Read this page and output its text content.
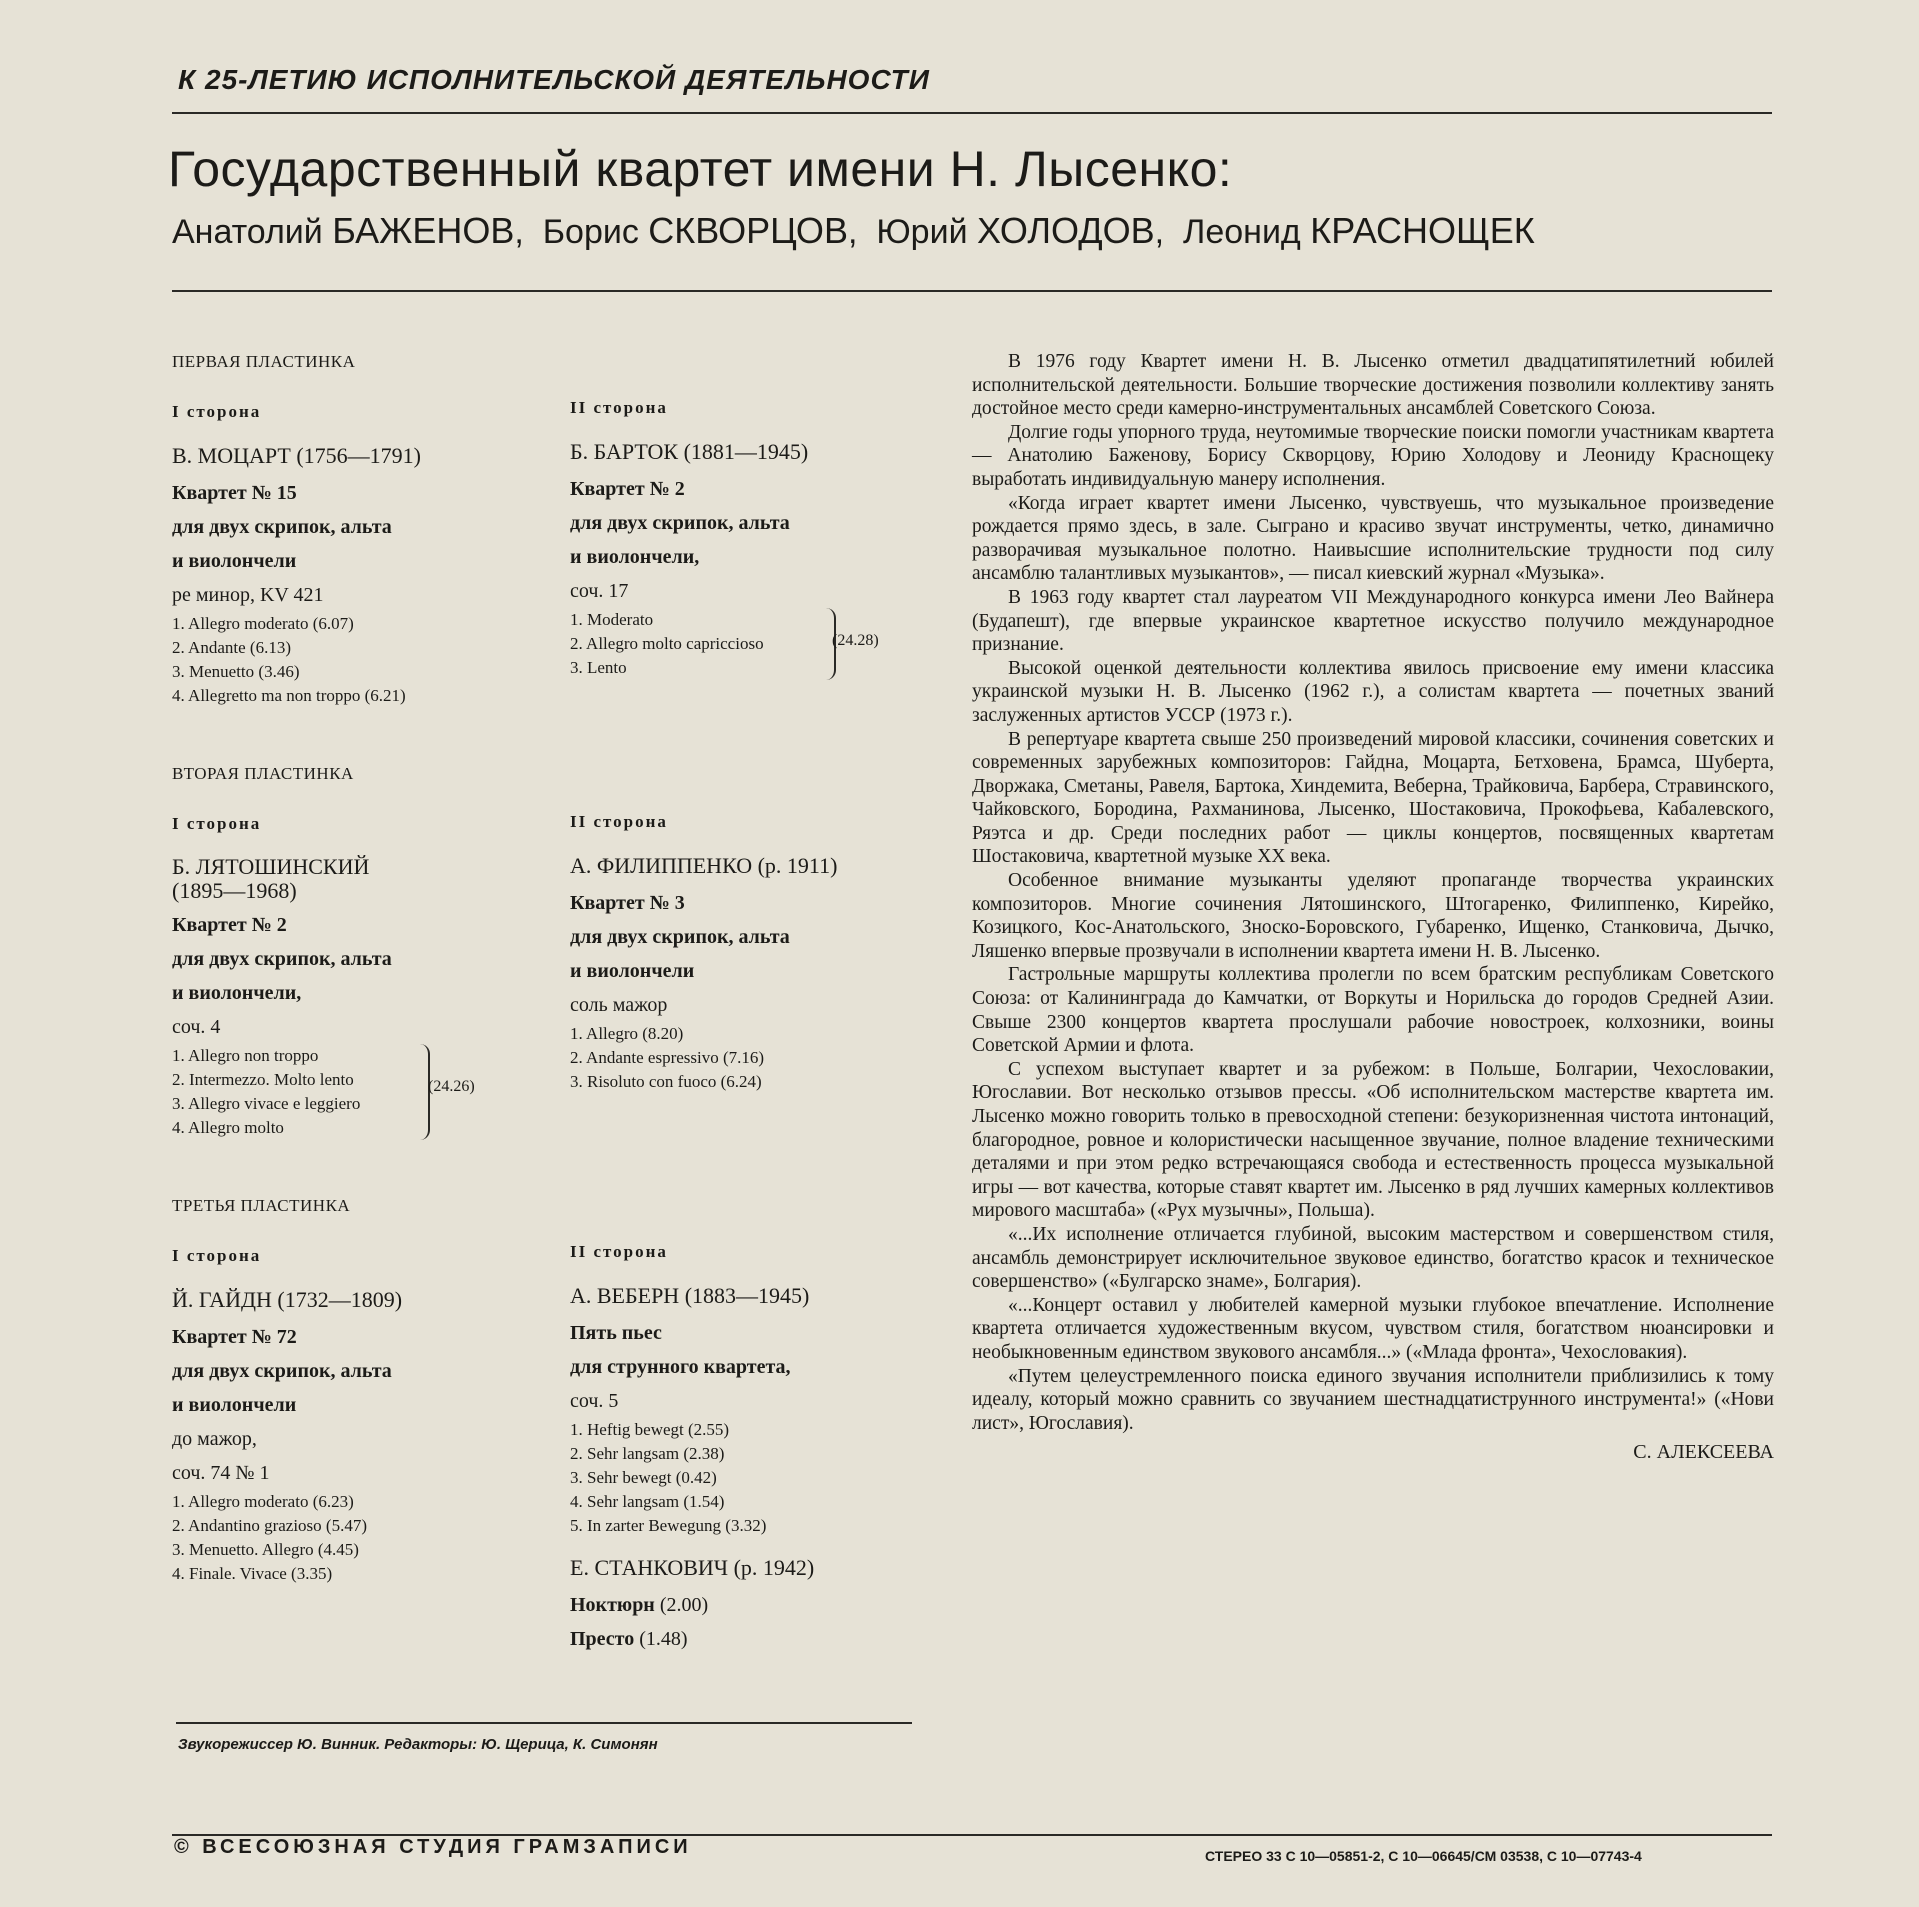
К 25-ЛЕТИЮ ИСПОЛНИТЕЛЬСКОЙ ДЕЯТЕЛЬНОСТИ
Государственный квартет имени Н. Лысенко:
Анатолий БАЖЕНОВ, Борис СКВОРЦОВ, Юрий ХОЛОДОВ, Леонид КРАСНОЩЕК
ПЕРВАЯ ПЛАСТИНКА
I сторона
В. МОЦАРТ (1756—1791)
Квартет № 15
для двух скрипок, альта
и виолончели
ре минор, KV 421
1. Allegro moderato (6.07)
2. Andante (6.13)
3. Menuetto (3.46)
4. Allegretto ma non troppo (6.21)
II сторона
Б. БАРТОК (1881—1945)
Квартет № 2
для двух скрипок, альта
и виолончели,
соч. 17
1. Moderato
2. Allegro molto capriccioso
3. Lento
(24.28)
ВТОРАЯ ПЛАСТИНКА
I сторона
Б. ЛЯТОШИНСКИЙ
(1895—1968)
Квартет № 2
для двух скрипок, альта
и виолончели,
соч. 4
1. Allegro non troppo
2. Intermezzo. Molto lento
3. Allegro vivace e leggiero
4. Allegro molto
(24.26)
II сторона
А. ФИЛИППЕНКО (р. 1911)
Квартет № 3
для двух скрипок, альта
и виолончели
соль мажор
1. Allegro (8.20)
2. Andante espressivo (7.16)
3. Risoluto con fuoco (6.24)
ТРЕТЬЯ ПЛАСТИНКА
I сторона
Й. ГАЙДН (1732—1809)
Квартет № 72
для двух скрипок, альта
и виолончели
до мажор,
соч. 74 № 1
1. Allegro moderato (6.23)
2. Andantino grazioso (5.47)
3. Menuetto. Allegro (4.45)
4. Finale. Vivace (3.35)
II сторона
А. ВЕБЕРН (1883—1945)
Пять пьес
для струнного квартета,
соч. 5
1. Heftig bewegt (2.55)
2. Sehr langsam (2.38)
3. Sehr bewegt (0.42)
4. Sehr langsam (1.54)
5. In zarter Bewegung (3.32)
Е. СТАНКОВИЧ (р. 1942)
Ноктюрн (2.00)
Престо (1.48)

В 1976 году Квартет имени Н. В. Лысенко отметил двадцатипятилетний юбилей исполнительской деятельности. Большие творческие достижения позволили коллективу занять достойное место среди камерно-инструментальных ансамблей Советского Союза.

Долгие годы упорного труда, неутомимые творческие поиски помогли участникам квартета — Анатолию Баженову, Борису Скворцову, Юрию Холодову и Леониду Краснощеку выработать индивидуальную манеру исполнения.

«Когда играет квартет имени Лысенко, чувствуешь, что музыкальное произведение рождается прямо здесь, в зале. Сыграно и красиво звучат инструменты, четко, динамично разворачивая музыкальное полотно. Наивысшие исполнительские трудности под силу ансамблю талантливых музыкантов», — писал киевский журнал «Музыка».

В 1963 году квартет стал лауреатом VII Международного конкурса имени Лео Вайнера (Будапешт), где впервые украинское квартетное искусство получило международное признание.

Высокой оценкой деятельности коллектива явилось присвоение ему имени классика украинской музыки Н. В. Лысенко (1962 г.), а солистам квартета — почетных званий заслуженных артистов УССР (1973 г.).

В репертуаре квартета свыше 250 произведений мировой классики, сочинения советских и современных зарубежных композиторов: Гайдна, Моцарта, Бетховена, Брамса, Шуберта, Дворжака, Сметаны, Равеля, Бартока, Хиндемита, Веберна, Трайковича, Барбера, Стравинского, Чайковского, Бородина, Рахманинова, Лысенко, Шостаковича, Прокофьева, Кабалевского, Ряэтса и др. Среди последних работ — циклы концертов, посвященных квартетам Шостаковича, квартетной музыке XX века.

Особенное внимание музыканты уделяют пропаганде творчества украинских композиторов. Многие сочинения Лятошинского, Штогаренко, Филиппенко, Кирейко, Козицкого, Кос-Анатольского, Зноско-Боровского, Губаренко, Ищенко, Станковича, Дычко, Ляшенко впервые прозвучали в исполнении квартета имени Н. В. Лысенко.

Гастрольные маршруты коллектива пролегли по всем братским республикам Советского Союза: от Калининграда до Камчатки, от Воркуты и Норильска до городов Средней Азии. Свыше 2300 концертов квартета прослушали рабочие новостроек, колхозники, воины Советской Армии и флота.

С успехом выступает квартет и за рубежом: в Польше, Болгарии, Чехословакии, Югославии. Вот несколько отзывов прессы. «Об исполнительском мастерстве квартета им. Лысенко можно говорить только в превосходной степени: безукоризненная чистота интонаций, благородное, ровное и колористически насыщенное звучание, полное владение техническими деталями и при этом редко встречающаяся свобода и естественность процесса музыкальной игры — вот качества, которые ставят квартет им. Лысенко в ряд лучших камерных коллективов мирового масштаба» («Рух музычны», Польша).

«...Их исполнение отличается глубиной, высоким мастерством и совершенством стиля, ансамбль демонстрирует исключительное звуковое единство, богатство красок и техническое совершенство» («Булгарско знаме», Болгария).

«...Концерт оставил у любителей камерной музыки глубокое впечатление. Исполнение квартета отличается художественным вкусом, чувством стиля, богатством нюансировки и необыкновенным единством звукового ансамбля...» («Млада фронта», Чехословакия).

«Путем целеустремленного поиска единого звучания исполнители приблизились к тому идеалу, который можно сравнить со звучанием шестнадцатиструнного инструмента!» («Нови лист», Югославия).

С. АЛЕКСЕЕВА
Звукорежиссер Ю. Винник. Редакторы: Ю. Щерица, К. Симонян
© ВСЕСОЮЗНАЯ СТУДИЯ ГРАМЗАПИСИ	СТЕРЕО 33 С 10—05851-2, С 10—06645/СМ 03538, С 10—07743-4
